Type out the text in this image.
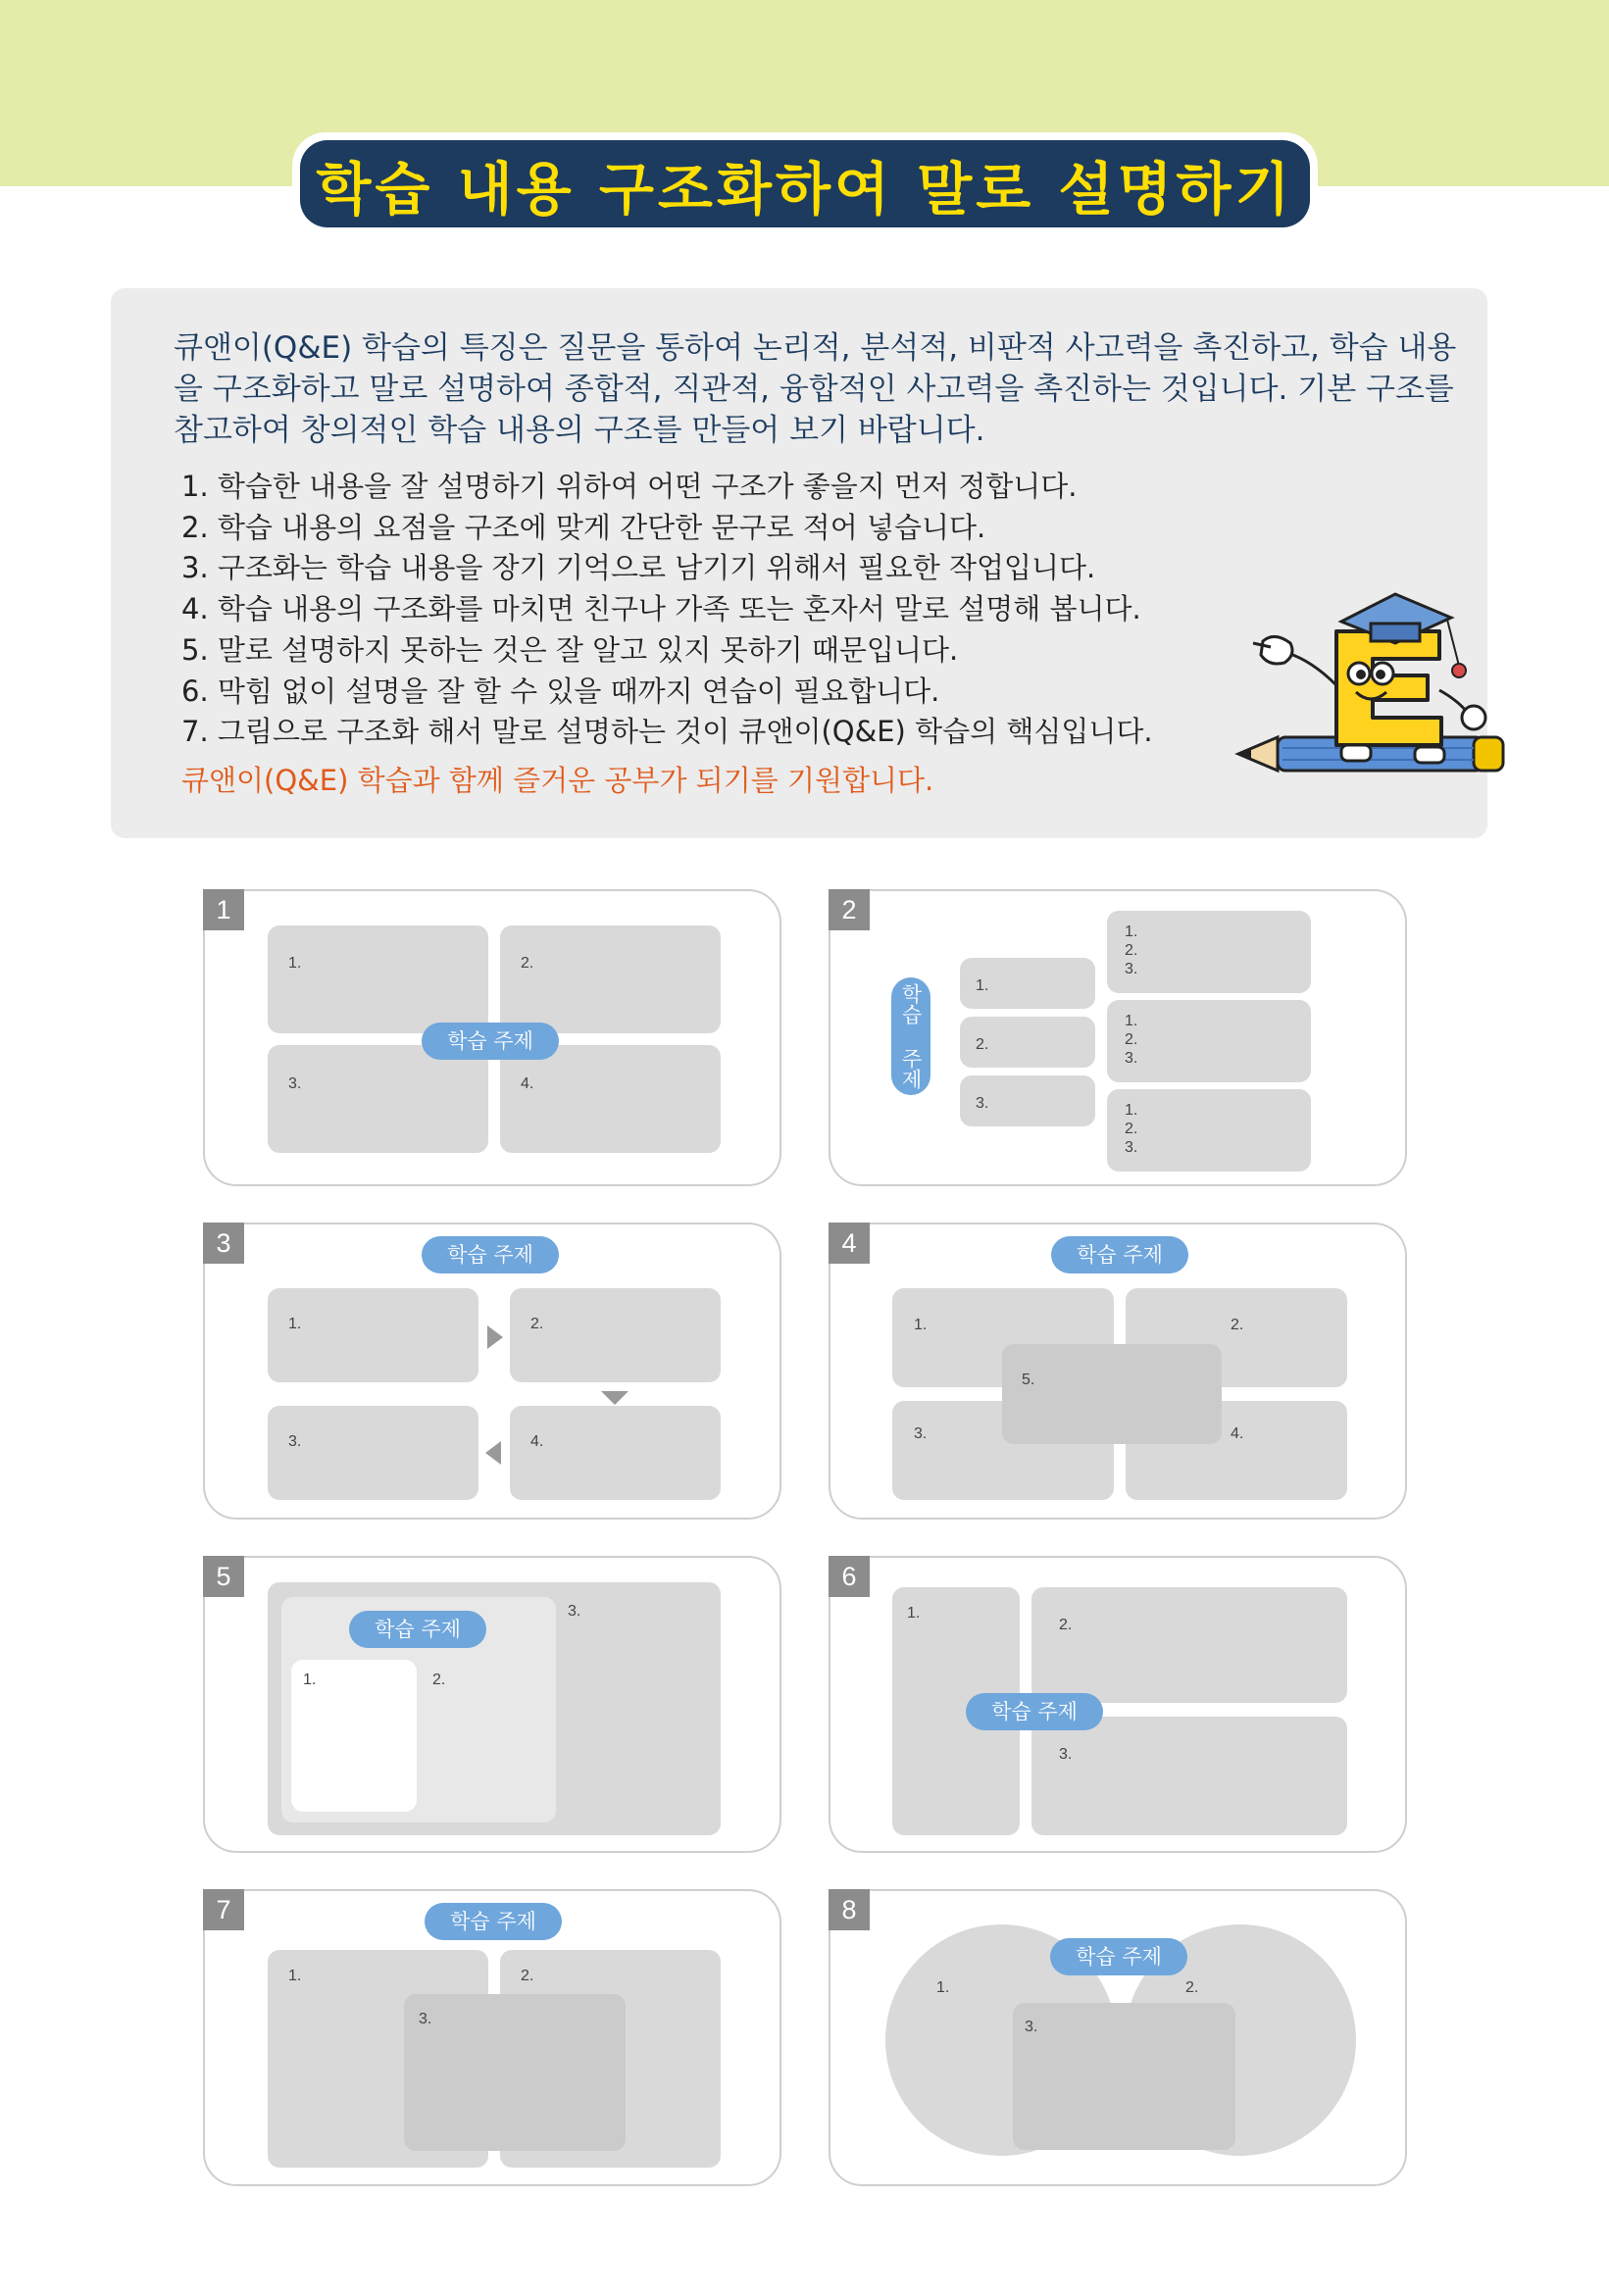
학습 내용 구조화하여 말로 설명하기
큐앤이(Q&E) 학습의 특징은 질문을 통하여 논리적, 분석적, 비판적 사고력을 촉진하고, 학습 내용을 구조화하고 말로 설명하여 종합적, 직관적, 융합적인 사고력을 촉진하는 것입니다. 기본 구조를 참고하여 창의적인 학습 내용의 구조를 만들어 보기 바랍니다.
1. 학습한 내용을 잘 설명하기 위하여 어떤 구조가 좋을지 먼저 정합니다.
2. 학습 내용의 요점을 구조에 맞게 간단한 문구로 적어 넣습니다.
3. 구조화는 학습 내용을 장기 기억으로 남기기 위해서 필요한 작업입니다.
4. 학습 내용의 구조화를 마치면 친구나 가족 또는 혼자서 말로 설명해 봅니다.
5. 말로 설명하지 못하는 것은 잘 알고 있지 못하기 때문입니다.
6. 막힘 없이 설명을 잘 할 수 있을 때까지 연습이 필요합니다.
7. 그림으로 구조화 해서 말로 설명하는 것이 큐앤이(Q&E) 학습의 핵심입니다.
큐앤이(Q&E) 학습과 함께 즐거운 공부가 되기를 기원합니다.
1
1.	2.
3.	4.
학습 주제
2
학습 주제	1.
2.
3.
1.
2.
3.
1.
2.
3.
1.
2.
3.
3	학습 주제
1.	2.
3.	4.
4	학습 주제
1.	2.
3.	4.
5.
5
학습 주제
1.	2.
3.
6
학습 주제
1.
2.
3.
7	학습 주제
1.	2.
3.
8
학습 주제
1.	2.
3.
